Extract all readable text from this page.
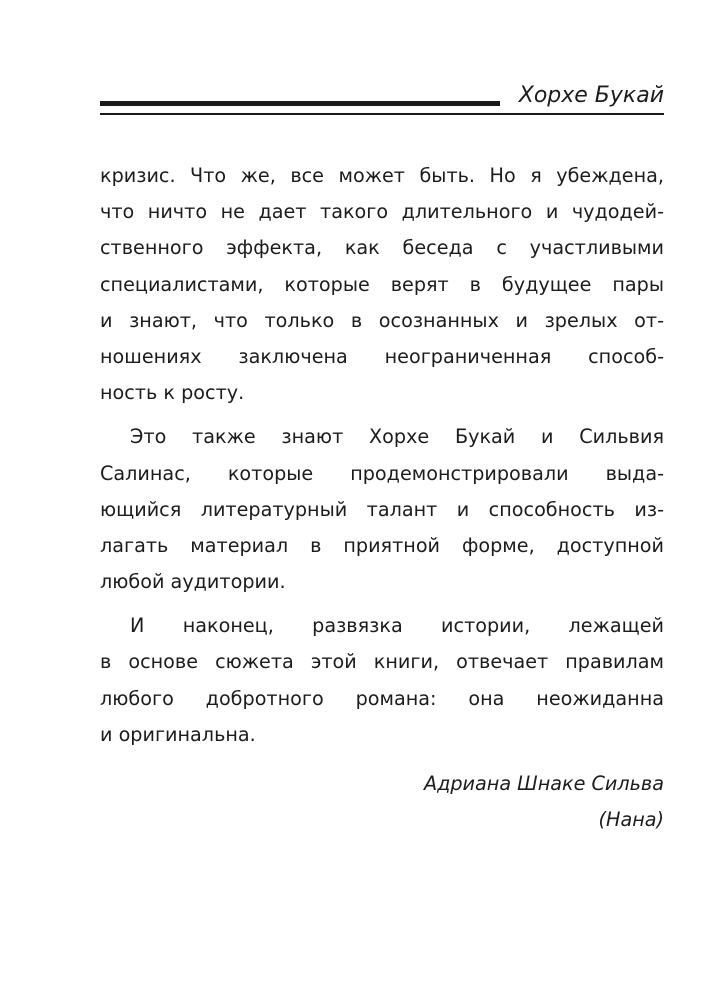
Хорхе Букай
кризис. Что же, все может быть. Но я убеждена,
что ничто не дает такого длительного и чудодей-
ственного эффекта, как беседа с участливыми
специалистами, которые верят в будущее пары
и знают, что только в осознанных и зрелых от-
ношениях заключена неограниченная способ-
ность к росту.
Это также знают Хорхе Букай и Сильвия
Салинас, которые продемонстрировали выда-
ющийся литературный талант и способность из-
лагать материал в приятной форме, доступной
любой аудитории.
И наконец, развязка истории, лежащей
в основе сюжета этой книги, отвечает правилам
любого добротного романа: она неожиданна
и оригинальна.
Адриана Шнаке Сильва
(Нана)
